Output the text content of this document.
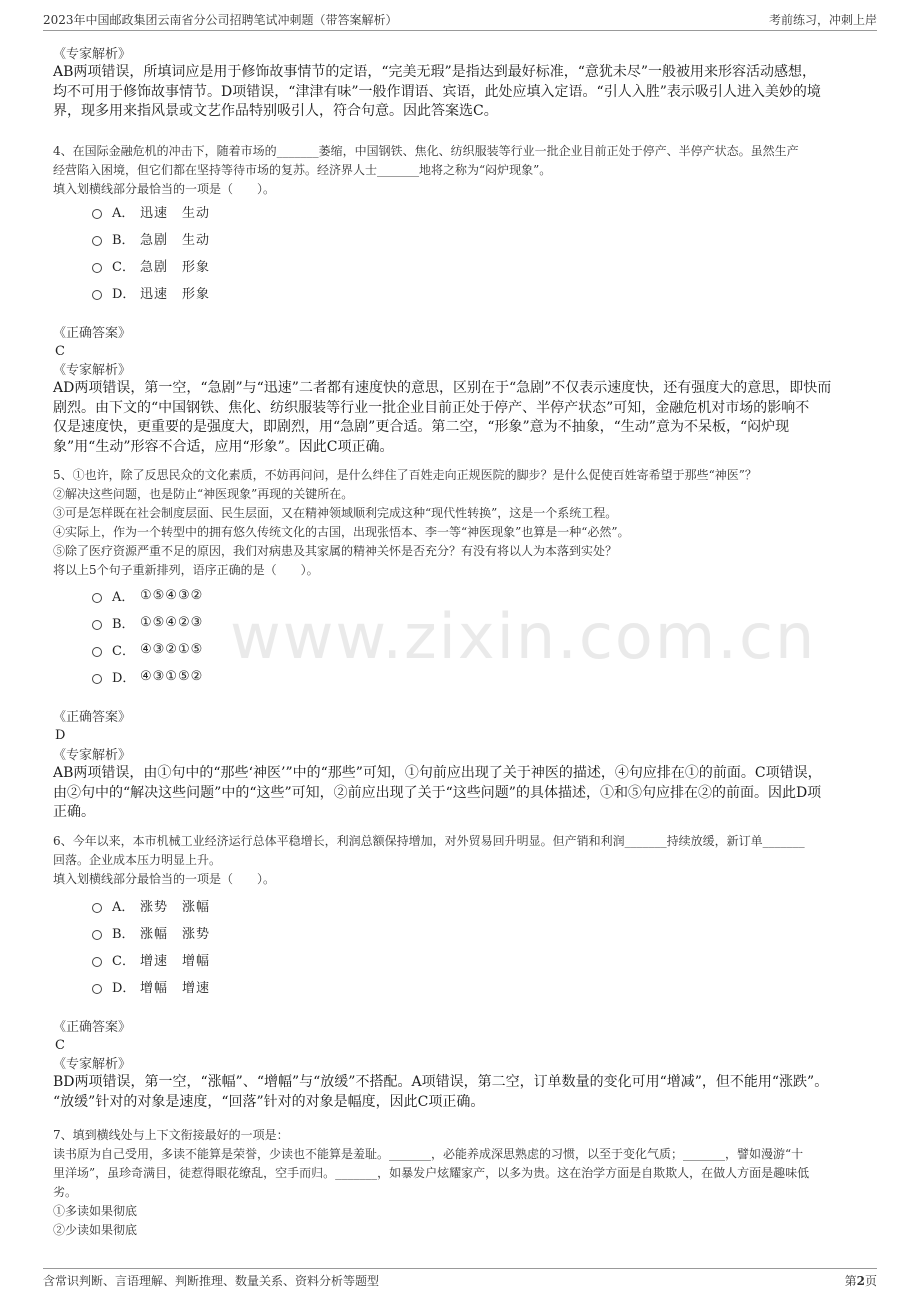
2023年中国邮政集团云南省分公司招聘笔试冲刺题（带答案解析）	考前练习，冲刺上岸
www.zixin.com.cn
《专家解析》
AB两项错误，所填词应是用于修饰故事情节的定语，“完美无瑕”是指达到最好标准，“意犹未尽”一般被用来形容活动感想，
均不可用于修饰故事情节。D项错误，“津津有味”一般作谓语、宾语，此处应填入定语。“引人入胜”表示吸引人进入美妙的境
界，现多用来指风景或文艺作品特别吸引人，符合句意。因此答案选C。

4、在国际金融危机的冲击下，随着市场的_______萎缩，中国钢铁、焦化、纺织服装等行业一批企业目前正处于停产、半停产状态。虽然生产

经营陷入困境，但它们都在坚持等待市场的复苏。经济界人士_______地将之称为“闷炉现象”。

填入划横线部分最恰当的一项是（　　）。

A． 迅速　生动
B． 急剧　生动
C． 急剧　形象
D． 迅速　形象
《正确答案》
C
《专家解析》
AD两项错误，第一空，“急剧”与“迅速”二者都有速度快的意思，区别在于“急剧”不仅表示速度快，还有强度大的意思，即快而
剧烈。由下文的“中国钢铁、焦化、纺织服装等行业一批企业目前正处于停产、半停产状态”可知，金融危机对市场的影响不
仅是速度快，更重要的是强度大，即剧烈，用“急剧”更合适。第二空，“形象”意为不抽象，“生动”意为不呆板，“闷炉现
象”用“生动”形容不合适，应用“形象”。因此C项正确。

5、①也许，除了反思民众的文化素质，不妨再问问，是什么绊住了百姓走向正规医院的脚步？是什么促使百姓寄希望于那些“神医”？

②解决这些问题，也是防止“神医现象”再现的关键所在。

③可是怎样既在社会制度层面、民生层面，又在精神领域顺利完成这种“现代性转换”，这是一个系统工程。

④实际上，作为一个转型中的拥有悠久传统文化的古国，出现张悟本、李一等“神医现象”也算是一种“必然”。

⑤除了医疗资源严重不足的原因，我们对病患及其家属的精神关怀是否充分？有没有将以人为本落到实处？

将以上5个句子重新排列，语序正确的是（　　）。

A． ①⑤④③②
B． ①⑤④②③
C． ④③②①⑤
D． ④③①⑤②
《正确答案》
D
《专家解析》
AB两项错误，由①句中的“那些‘神医’”中的“那些”可知，①句前应出现了关于神医的描述，④句应排在①的前面。C项错误，
由②句中的“解决这些问题”中的“这些”可知，②前应出现了关于“这些问题”的具体描述，①和⑤句应排在②的前面。因此D项
正确。

6、今年以来，本市机械工业经济运行总体平稳增长，利润总额保持增加，对外贸易回升明显。但产销和利润_______持续放缓，新订单_______

回落。企业成本压力明显上升。

填入划横线部分最恰当的一项是（　　）。

A． 涨势　涨幅
B． 涨幅　涨势
C． 增速　增幅
D． 增幅　增速
《正确答案》
C
《专家解析》
BD两项错误，第一空，“涨幅”、“增幅”与“放缓”不搭配。A项错误，第二空，订单数量的变化可用“增减”，但不能用“涨跌”。
“放缓”针对的对象是速度，“回落”针对的对象是幅度，因此C项正确。

7、填到横线处与上下文衔接最好的一项是：

读书原为自己受用，多读不能算是荣誉，少读也不能算是羞耻。_______，必能养成深思熟虑的习惯，以至于变化气质；_______，譬如漫游“十

里洋场”，虽珍奇满目，徒惹得眼花缭乱，空手而归。_______，如暴发户炫耀家产，以多为贵。这在治学方面是自欺欺人，在做人方面是趣味低

劣。

①多读如果彻底

②少读如果彻底

含常识判断、言语理解、判断推理、数量关系、资料分析等题型	第2页
